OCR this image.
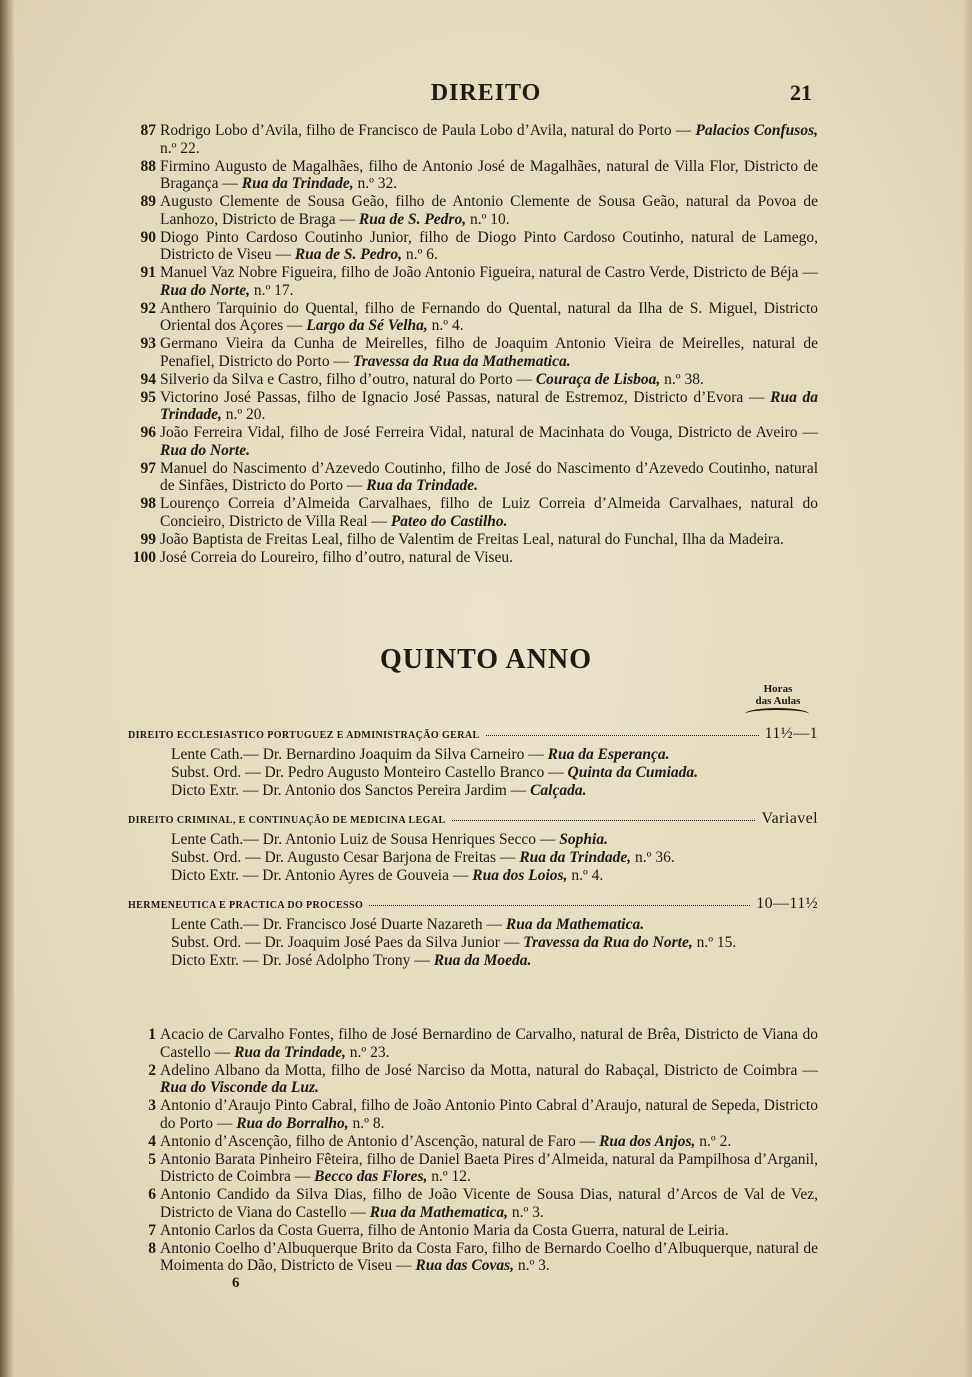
DIREITO	21
87 Rodrigo Lobo d’Avila, filho de Francisco de Paula Lobo d’Avila, natural do Porto — Palacios Confusos, n.º 22.
88 Firmino Augusto de Magalhães, filho de Antonio José de Magalhães, natural de Villa Flor, Districto de Bragança — Rua da Trindade, n.º 32.
89 Augusto Clemente de Sousa Geão, filho de Antonio Clemente de Sousa Geão, natural da Povoa de Lanhozo, Districto de Braga — Rua de S. Pedro, n.º 10.
90 Diogo Pinto Cardoso Coutinho Junior, filho de Diogo Pinto Cardoso Coutinho, natural de Lamego, Districto de Viseu — Rua de S. Pedro, n.º 6.
91 Manuel Vaz Nobre Figueira, filho de João Antonio Figueira, natural de Castro Verde, Districto de Béja — Rua do Norte, n.º 17.
92 Anthero Tarquinio do Quental, filho de Fernando do Quental, natural da Ilha de S. Miguel, Districto Oriental dos Açores — Largo da Sé Velha, n.º 4.
93 Germano Vieira da Cunha de Meirelles, filho de Joaquim Antonio Vieira de Meirelles, natural de Penafiel, Districto do Porto — Travessa da Rua da Mathematica.
94 Silverio da Silva e Castro, filho d’outro, natural do Porto — Couraça de Lisboa, n.º 38.
95 Victorino José Passas, filho de Ignacio José Passas, natural de Estremoz, Districto d’Evora — Rua da Trindade, n.º 20.
96 João Ferreira Vidal, filho de José Ferreira Vidal, natural de Macinhata do Vouga, Districto de Aveiro — Rua do Norte.
97 Manuel do Nascimento d’Azevedo Coutinho, filho de José do Nascimento d’Azevedo Coutinho, natural de Sinfães, Districto do Porto — Rua da Trindade.
98 Lourenço Correia d’Almeida Carvalhaes, filho de Luiz Correia d’Almeida Carvalhaes, natural do Concieiro, Districto de Villa Real — Pateo do Castilho.
99 João Baptista de Freitas Leal, filho de Valentim de Freitas Leal, natural do Funchal, Ilha da Madeira.
100 José Correia do Loureiro, filho d’outro, natural de Viseu.
QUINTO ANNO
Horas
das Aulas
DIREITO ECCLESIASTICO PORTUGUEZ E ADMINISTRAÇÃO GERAL	11½—1
Lente Cath.— Dr. Bernardino Joaquim da Silva Carneiro — Rua da Esperança.
Subst. Ord. — Dr. Pedro Augusto Monteiro Castello Branco — Quinta da Cumiada.
Dicto Extr. — Dr. Antonio dos Sanctos Pereira Jardim — Calçada.
DIREITO CRIMINAL, E CONTINUAÇÃO DE MEDICINA LEGAL	Variavel
Lente Cath.— Dr. Antonio Luiz de Sousa Henriques Secco — Sophia.
Subst. Ord. — Dr. Augusto Cesar Barjona de Freitas — Rua da Trindade, n.º 36.
Dicto Extr. — Dr. Antonio Ayres de Gouveia — Rua dos Loios, n.º 4.
HERMENEUTICA E PRACTICA DO PROCESSO	10—11½
Lente Cath.— Dr. Francisco José Duarte Nazareth — Rua da Mathematica.
Subst. Ord. — Dr. Joaquim José Paes da Silva Junior — Travessa da Rua do Norte, n.º 15.
Dicto Extr. — Dr. José Adolpho Trony — Rua da Moeda.
1 Acacio de Carvalho Fontes, filho de José Bernardino de Carvalho, natural de Brêa, Districto de Viana do Castello — Rua da Trindade, n.º 23.
2 Adelino Albano da Motta, filho de José Narciso da Motta, natural do Rabaçal, Districto de Coimbra — Rua do Visconde da Luz.
3 Antonio d’Araujo Pinto Cabral, filho de João Antonio Pinto Cabral d’Araujo, natural de Sepeda, Districto do Porto — Rua do Borralho, n.º 8.
4 Antonio d’Ascenção, filho de Antonio d’Ascenção, natural de Faro — Rua dos Anjos, n.º 2.
5 Antonio Barata Pinheiro Fêteira, filho de Daniel Baeta Pires d’Almeida, natural da Pampilhosa d’Arganil, Districto de Coimbra — Becco das Flores, n.º 12.
6 Antonio Candido da Silva Dias, filho de João Vicente de Sousa Dias, natural d’Arcos de Val de Vez, Districto de Viana do Castello — Rua da Mathematica, n.º 3.
7 Antonio Carlos da Costa Guerra, filho de Antonio Maria da Costa Guerra, natural de Leiria.
8 Antonio Coelho d’Albuquerque Brito da Costa Faro, filho de Bernardo Coelho d’Albuquerque, natural de Moimenta do Dão, Districto de Viseu — Rua das Covas, n.º 3.
6
